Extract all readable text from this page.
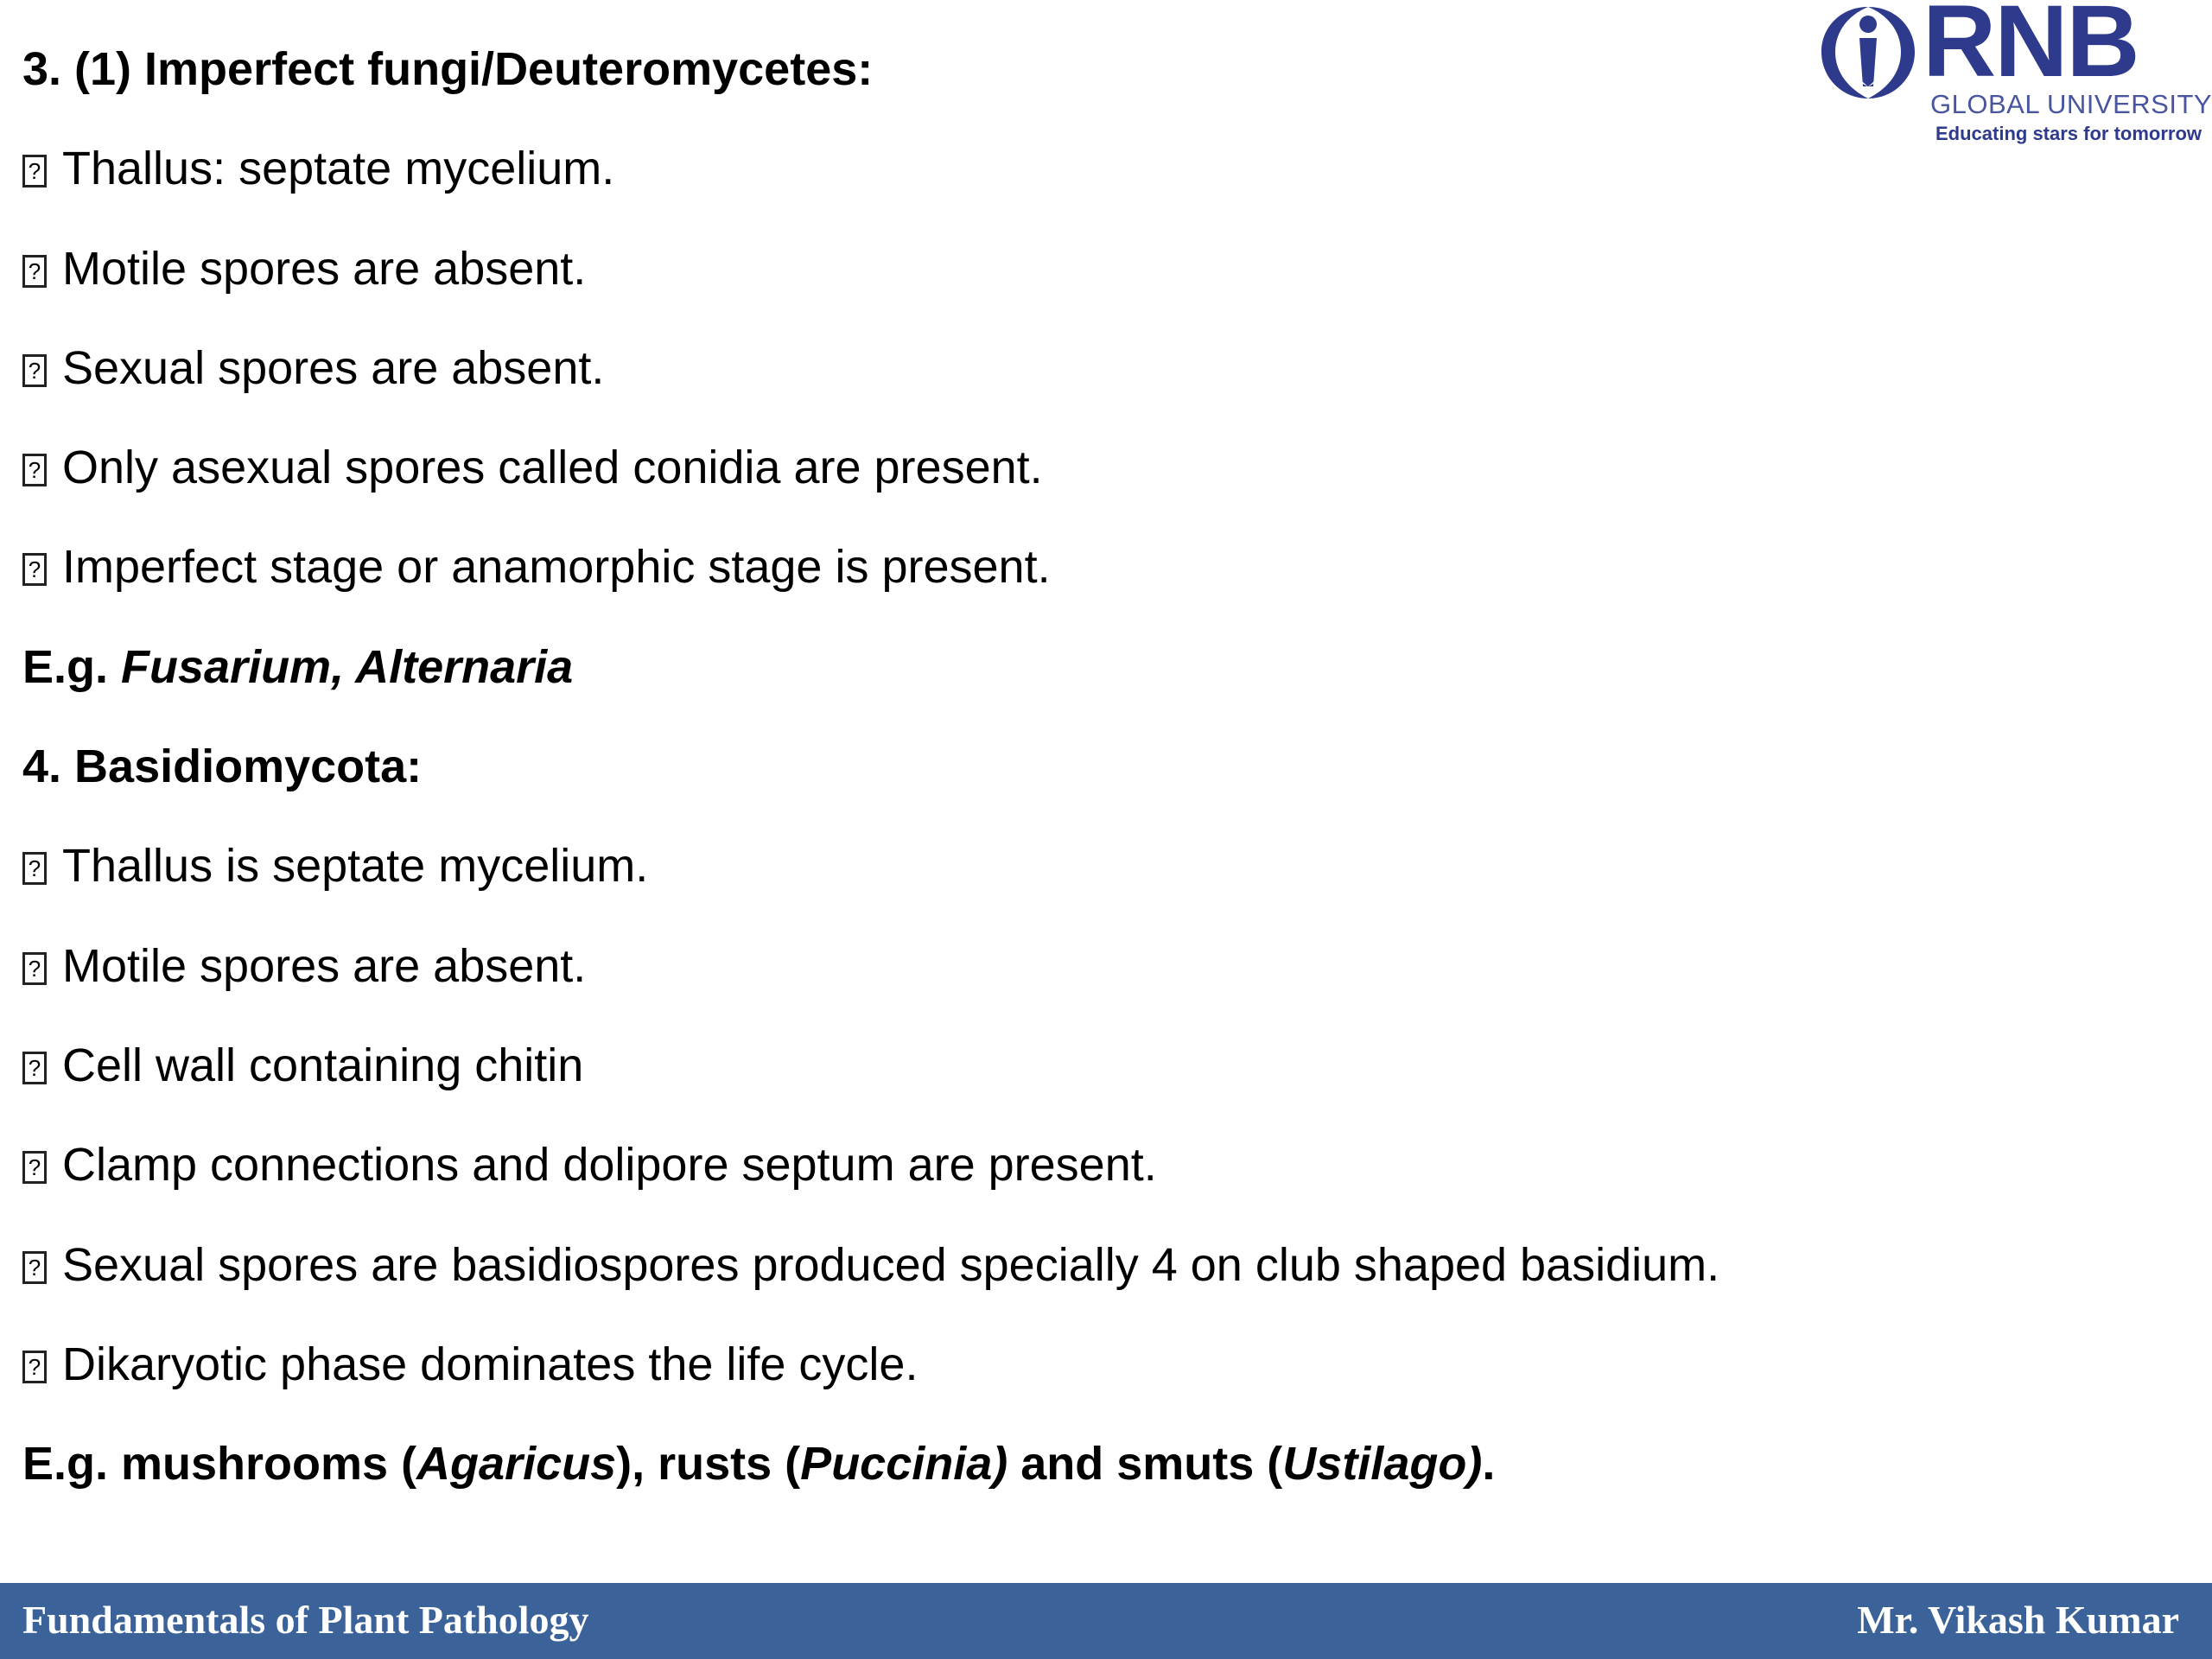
RNB
GLOBAL UNIVERSITY
Educating stars for tomorrow
3. (1) Imperfect fungi/Deuteromycetes:
?Thallus: septate mycelium.
?Motile spores are absent.
?Sexual spores are absent.
?Only asexual spores called conidia are present.
?Imperfect stage or anamorphic stage is present.
E.g. Fusarium, Alternaria
4. Basidiomycota:
?Thallus is septate mycelium.
?Motile spores are absent.
?Cell wall containing chitin
?Clamp connections and dolipore septum are present.
?Sexual spores are basidiospores produced specially 4 on club shaped basidium.
?Dikaryotic phase dominates the life cycle.
E.g. mushrooms (Agaricus), rusts (Puccinia) and smuts (Ustilago).
Fundamentals of Plant Pathology	Mr. Vikash Kumar
